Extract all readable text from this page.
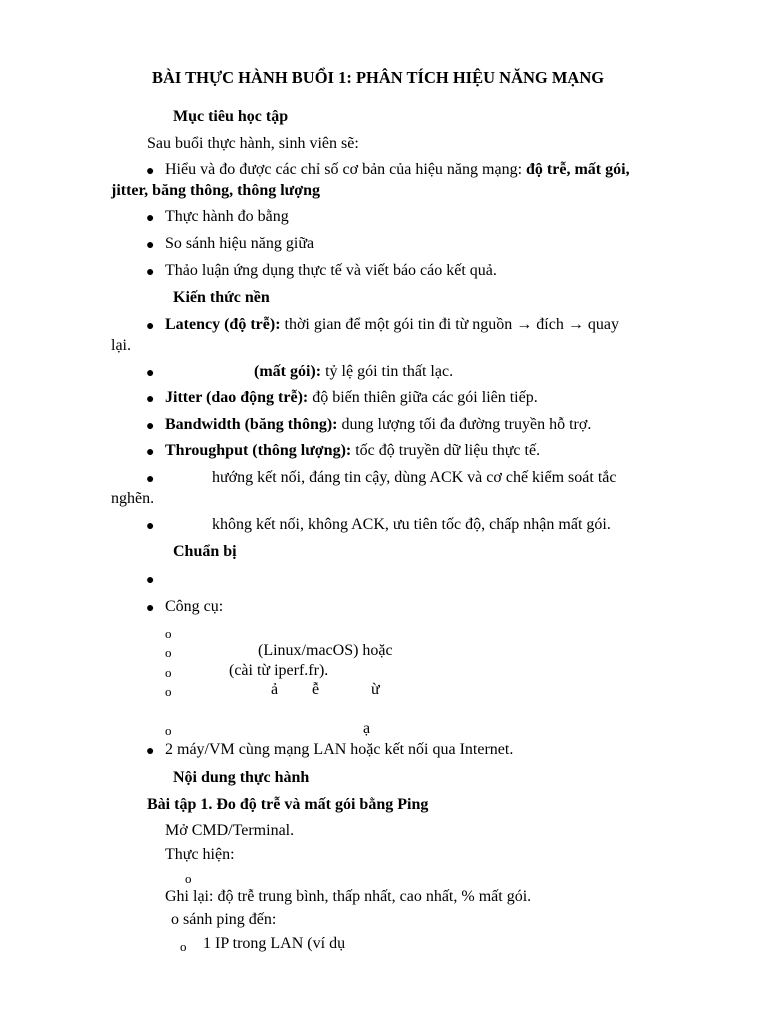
BÀI THỰC HÀNH BUỔI 1: PHÂN TÍCH HIỆU NĂNG MẠNG
Mục tiêu học tập
Sau buổi thực hành, sinh viên sẽ:
● Hiểu và đo được các chỉ số cơ bản của hiệu năng mạng: độ trễ, mất gói,
jitter, băng thông, thông lượng
● Thực hành đo bằng
● So sánh hiệu năng giữa
● Thảo luận ứng dụng thực tế và viết báo cáo kết quả.
Kiến thức nền
● Latency (độ trễ): thời gian để một gói tin đi từ nguồn → đích → quay
lại.
●	(mất gói): tỷ lệ gói tin thất lạc.
● Jitter (dao động trễ): độ biến thiên giữa các gói liên tiếp.
● Bandwidth (băng thông): dung lượng tối đa đường truyền hỗ trợ.
● Throughput (thông lượng): tốc độ truyền dữ liệu thực tế.
●	hướng kết nối, đáng tin cậy, dùng ACK và cơ chế kiểm soát tắc
nghẽn.
●	không kết nối, không ACK, ưu tiên tốc độ, chấp nhận mất gói.
Chuẩn bị
●
● Công cụ:
o
o	(Linux/macOS) hoặc
o	(cài từ iperf.fr).
o	ả ễ	ừ
o	ạ
● 2 máy/VM cùng mạng LAN hoặc kết nối qua Internet.
Nội dung thực hành
Bài tập 1. Đo độ trễ và mất gói bằng Ping
Mở CMD/Terminal.
Thực hiện:
o
Ghi lại: độ trễ trung bình, thấp nhất, cao nhất, % mất gói.
o sánh ping đến:
o 1 IP trong LAN (ví dụ
